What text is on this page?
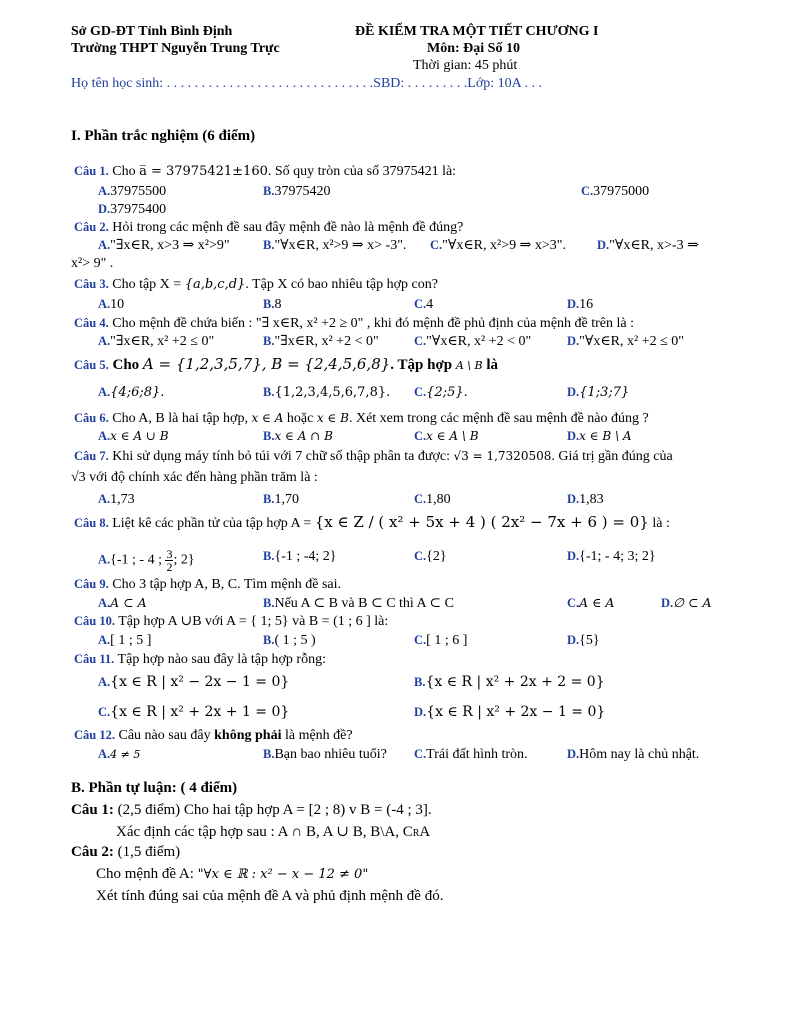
Sở GD-ĐT Tỉnh Bình Định
Trường THPT Nguyễn Trung Trực
ĐỀ KIỂM TRA MỘT TIẾT CHƯƠNG I
Môn: Đại Số 10
Thời gian: 45 phút
Họ tên học sinh: . . . . . . . . . . . . . . . . . . . . . . . . . . . . . .SBD: . . . . . . . . .Lớp: 10A . . .
I. Phần trắc nghiệm (6 điểm)
Câu 1. Cho a̅ = 37975421±160. Số quy tròn của số 37975421 là:
A.37975500	B.37975420	C.37975000
D.37975400
Câu 2. Hỏi trong các mệnh đề sau đây mệnh đề nào là mệnh đề đúng?
A."∃x∈R, x>3 ⇒ x²>9"	B."∀x∈R, x²>9 ⇒ x> -3". C."∀x∈R, x²>9 ⇒ x>3". D."∀x∈R, x>-3 ⇒
x²> 9" .
Câu 3. Cho tập X = {a,b,c,d}. Tập X có bao nhiêu tập hợp con?
A.10	B.8	C.4	D.16
Câu 4. Cho mệnh đề chứa biến : "∃ x∈R, x² +2 ≥ 0" , khi đó mệnh đề phủ định của mệnh đề trên là :
A."∃x∈R, x² +2 ≤ 0"	B."∃x∈R, x² +2 < 0"	C."∀x∈R, x² +2 < 0"	D."∀x∈R, x² +2 ≤ 0"
Câu 5. Cho A = {1,2,3,5,7}, B = {2,4,5,6,8}. Tập hợp A \ B là
A.{4;6;8}.	B.{1,2,3,4,5,6,7,8}. C.{2;5}.	D.{1;3;7}
Câu 6. Cho A, B là hai tập hợp, x ∈ A hoặc x ∈ B. Xét xem trong các mệnh đề sau mệnh đề nào đúng ?
A.x ∈ A ∪ B	B.x ∈ A ∩ B	C.x ∈ A \ B	D.x ∈ B \ A
Câu 7. Khi sử dụng máy tính bỏ túi với 7 chữ số thập phân ta được: √3 = 1,7320508. Giá trị gần đúng của
√3 với độ chính xác đến hàng phần trăm là :
A.1,73	B.1,70	C.1,80	D.1,83
Câu 8. Liệt kê các phần tử của tập hợp A = {x ∈ Z / ( x² + 5x + 4 ) ( 2x² − 7x + 6 ) = 0} là :
A.{-1 ; - 4 ; $\frac{3}{2}$ ; 2}	B.{-1 ; -4; 2}	C.{2}	D.{-1; - 4; 3; 2}
Câu 9. Cho 3 tập hợp A, B, C. Tìm mệnh đề sai.
A.A ⊂ A	B.Nếu A ⊂ B và B ⊂ C thì A ⊂ C	C.A ∈ A	D.∅ ⊂ A
Câu 10. Tập hợp A ∪B với A = { 1; 5} và B = (1 ; 6 ] là:
A.[ 1 ; 5 ]	B.( 1 ; 5 )	C.[ 1 ; 6 ]	D.{5}
Câu 11. Tập hợp nào sau đây là tập hợp rỗng:
A.{x ∈ R | x² − 2x − 1 = 0}	B.{x ∈ R | x² + 2x + 2 = 0}
C.{x ∈ R | x² + 2x + 1 = 0}	D.{x ∈ R | x² + 2x − 1 = 0}
Câu 12. Câu nào sau đây không phải là mệnh đề?
A.4 ≠ 5	B.Bạn bao nhiêu tuổi? C.Trái đất hình tròn.	D.Hôm nay là chủ nhật.
B. Phần tự luận: ( 4 điểm)
Câu 1: (2,5 điểm) Cho hai tập hợp A = [2 ; 8) v B = (-4 ; 3].
Xác định các tập hợp sau : A ∩ B, A ∪ B, B\A, CRA
Câu 2: (1,5 điểm)
Cho mệnh đề A: "∀x ∈ ℝ : x² − x − 12 ≠ 0"
Xét tính đúng sai của mệnh đề A và phủ định mệnh đề đó.
